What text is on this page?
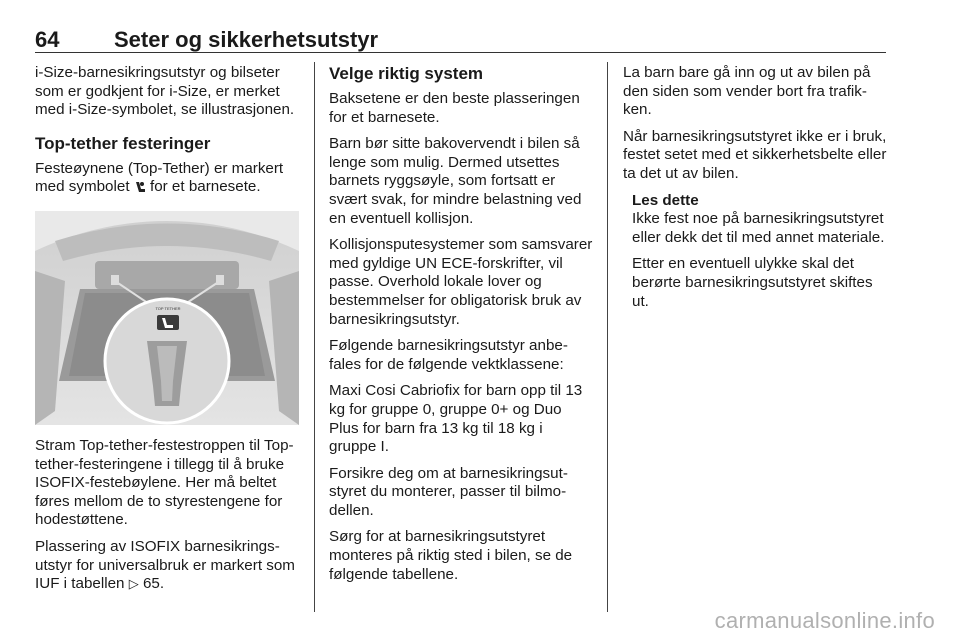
64 Seter og sikkerhetsutstyr

i-Size-barnesikringsutstyr og bilseter som er godkjent for i-Size, er merket med i-Size-symbolet, se illustrasjonen.

Top-tether festeringer

Festeøynene (Top-Tether) er markert med symbolet  for et barnesete.

TOP TETHER

Stram Top-tether-festestroppen til Top-tether-festeringene i tillegg til å bruke ISOFIX-festebøylene. Her må beltet føres mellom de to styrestengene for hodestøttene.

Plassering av ISOFIX barnesikringsutstyr for universalbruk er markert som IUF i tabellen ▷ 65.

Velge riktig system

Baksetene er den beste plasseringen for et barnesete.

Barn bør sitte bakovervendt i bilen så lenge som mulig. Dermed utsettes barnets ryggsøyle, som fortsatt er svært svak, for mindre belastning ved en eventuell kollisjon.

Kollisjonsputesystemer som samsvarer med gyldige UN ECE-forskrifter, vil passe. Overhold lokale lover og bestemmelser for obligatorisk bruk av barnesikringsutstyr.

Følgende barnesikringsutstyr anbefales for de følgende vektklassene:

Maxi Cosi Cabriofix for barn opp til 13 kg for gruppe 0, gruppe 0+ og Duo Plus for barn fra 13 kg til 18 kg i gruppe I.

Forsikre deg om at barnesikringsutstyret du monterer, passer til bilmodellen.

Sørg for at barnesikringsutstyret monteres på riktig sted i bilen, se de følgende tabellene.

La barn bare gå inn og ut av bilen på den siden som vender bort fra trafikken.

Når barnesikringsutstyret ikke er i bruk, festet setet med et sikkerhetsbelte eller ta det ut av bilen.

Les dette

Ikke fest noe på barnesikringsutstyret eller dekk det til med annet materiale.

Etter en eventuell ulykke skal det berørte barnesikringsutstyret skiftes ut.

carmanualsonline.info
